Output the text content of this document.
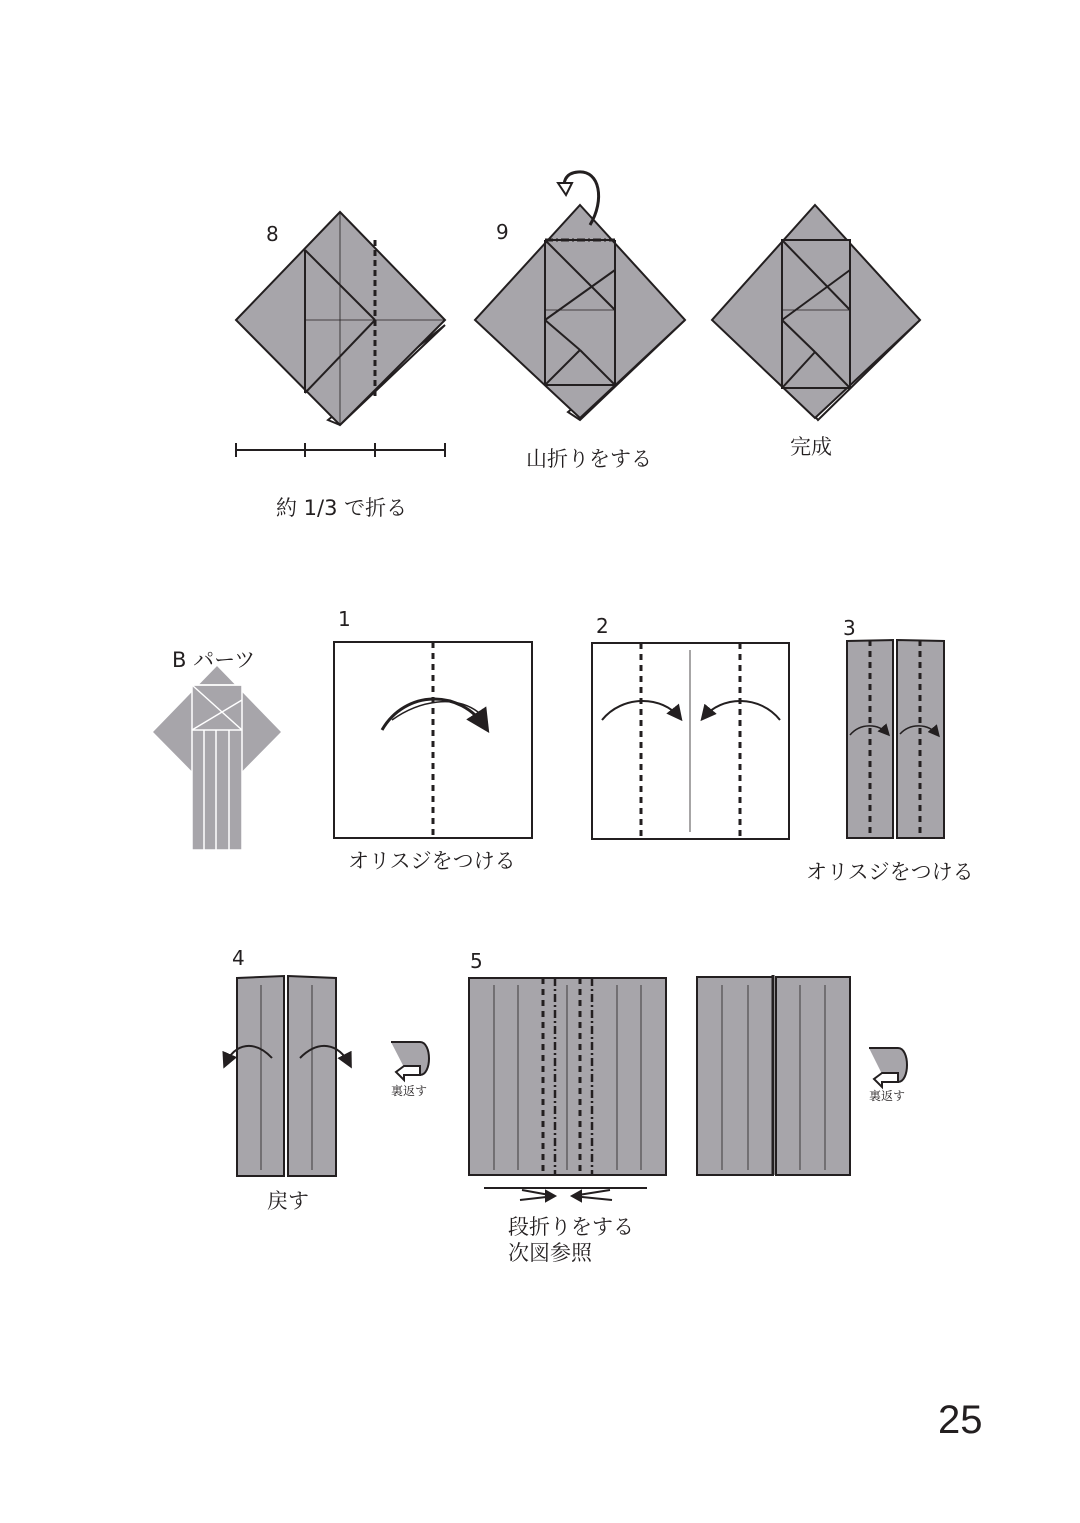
8
約 1/3 で折る
9
山折りをする	完成
B パーツ
1
オリスジをつける
2	3
オリスジをつける
4
戻す
裏返す
5
段折りをする
次図参照
裏返す
25
